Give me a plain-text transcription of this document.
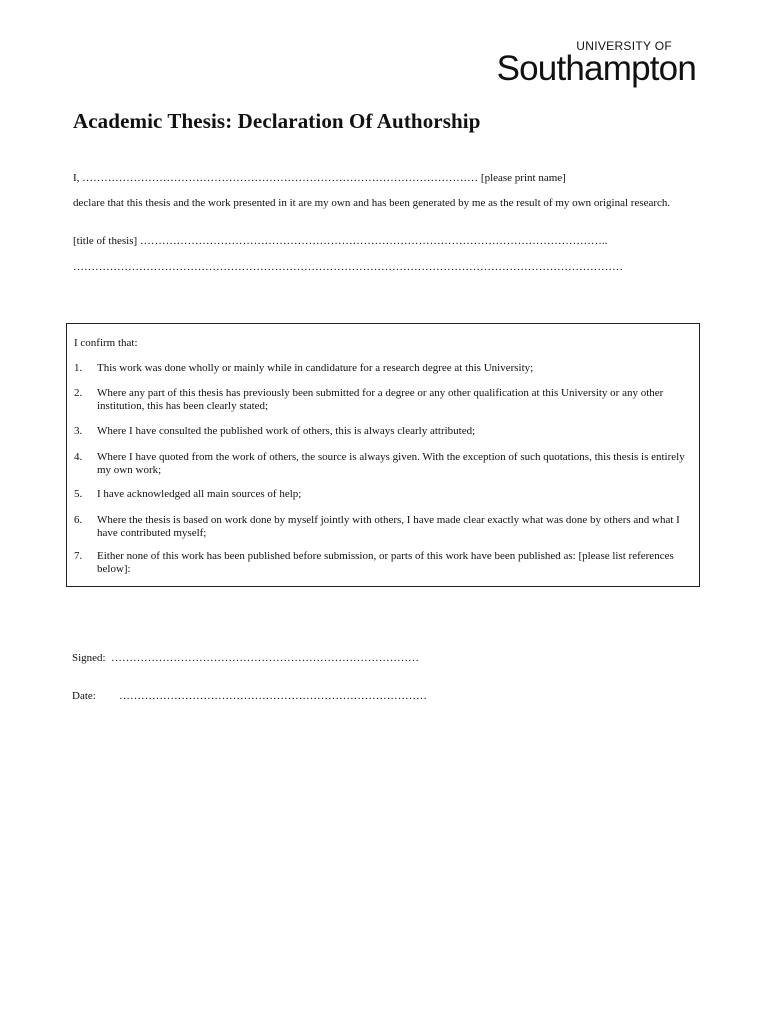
UNIVERSITY OF
Southampton
Academic Thesis: Declaration Of Authorship
I, ……………………………………………………………………………………………… [please print name]
declare that this thesis and the work presented in it are my own and has been generated by me as the result of my own original research.
[title of thesis] ………………………………………………………………………………………………………………..
……………………………………………………………………………………………………………………………………
I confirm that:
1. This work was done wholly or mainly while in candidature for a research degree at this University;
2. Where any part of this thesis has previously been submitted for a degree or any other qualification at this University or any other institution, this has been clearly stated;
3. Where I have consulted the published work of others, this is always clearly attributed;
4. Where I have quoted from the work of others, the source is always given. With the exception of such quotations, this thesis is entirely my own work;
5. I have acknowledged all main sources of help;
6. Where the thesis is based on work done by myself jointly with others, I have made clear exactly what was done by others and what I have contributed myself;
7. Either none of this work has been published before submission, or parts of this work have been published as: [please list references below]:
Signed: …………………………………………………………………………
Date: …………………………………………………………………………
